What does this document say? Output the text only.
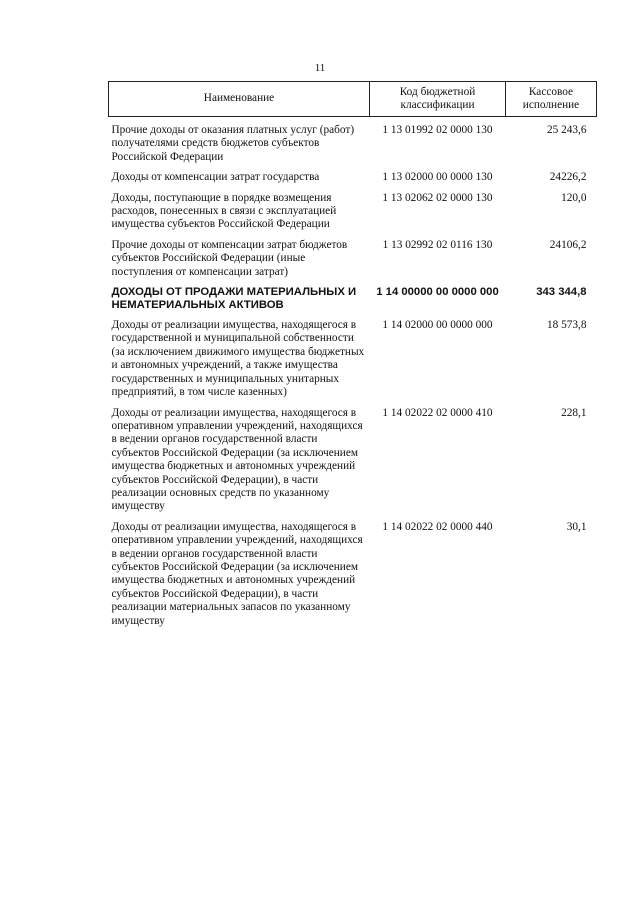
11
Наименование	Код бюджетной классификации	Кассовое исполнение
Прочие доходы от оказания платных услуг (работ) получателями средств бюджетов субъектов Российской Федерации	1 13 01992 02 0000 130	25 243,6
Доходы от компенсации затрат государства	1 13 02000 00 0000 130	24226,2
Доходы, поступающие в порядке возмещения расходов, понесенных в связи с эксплуатацией имущества субъектов Российской Федерации	1 13 02062 02 0000 130	120,0
Прочие доходы от компенсации затрат бюджетов субъектов Российской Федерации (иные поступления от компенсации затрат)	1 13 02992 02 0116 130	24106,2
ДОХОДЫ ОТ ПРОДАЖИ МАТЕРИАЛЬНЫХ И НЕМАТЕРИАЛЬНЫХ АКТИВОВ	1 14 00000 00 0000 000	343 344,8
Доходы от реализации имущества, находящегося в государственной и муниципальной собственности (за исключением движимого имущества бюджетных и автономных учреждений, а также имущества государственных и муниципальных унитарных предприятий, в том числе казенных)	1 14 02000 00 0000 000	18 573,8
Доходы от реализации имущества, находящегося в оперативном управлении учреждений, находящихся в ведении органов государственной власти субъектов Российской Федерации (за исключением имущества бюджетных и автономных учреждений субъектов Российской Федерации), в части реализации основных средств по указанному имуществу	1 14 02022 02 0000 410	228,1
Доходы от реализации имущества, находящегося в оперативном управлении учреждений, находящихся в ведении органов государственной власти субъектов Российской Федерации (за исключением имущества бюджетных и автономных учреждений субъектов Российской Федерации), в части реализации материальных запасов по указанному имуществу	1 14 02022 02 0000 440	30,1
